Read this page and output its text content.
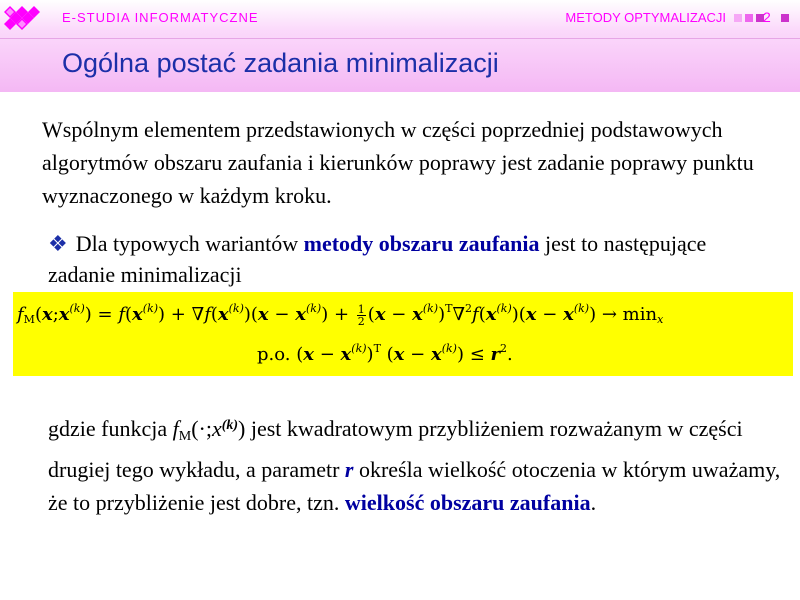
E-STUDIA INFORMATYCZNE	METODY OPTYMALIZACJI	2
Ogólna postać zadania minimalizacji
Wspólnym elementem przedstawionych w części poprzedniej podstawowych algorytmów obszaru zaufania i kierunków poprawy jest zadanie poprawy punktu wyznaczonego w każdym kroku.
❖ Dla typowych wariantów metody obszaru zaufania jest to następujące zadanie minimalizacji
$fM(x;x^{(k)}) = f(x^{(k)}) + \nabla f(x^{(k)})(x - x^{(k)}) + \frac{1}{2} (x - x^{(k)})^T\nabla^2f(x^{(k)})(x - x^{(k)}) \to \min x$
p.o. $(x - x^{(k)})^T$ $(x - x^{(k)}) \le r^2$.
gdzie funkcja $fM(\cdot;x^{(k)})$ jest kwadratowym przybliżeniem rozważanym w części drugiej tego wykładu, a parametr r określa wielkość otoczenia w którym uważamy, że to przybliżenie jest dobre, tzn. wielkość obszaru zaufania.
